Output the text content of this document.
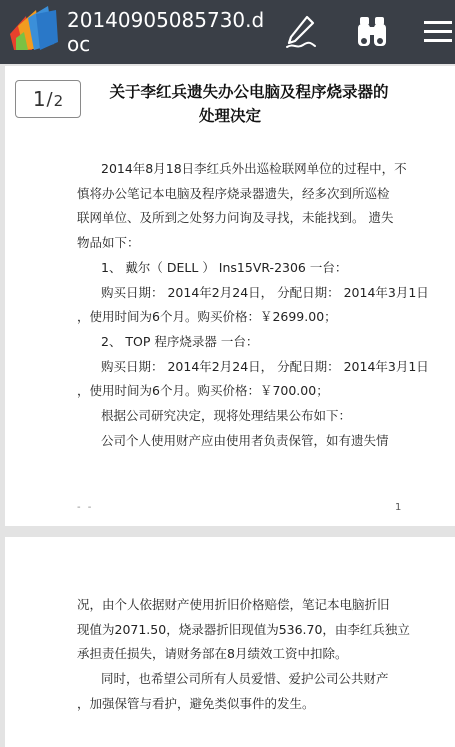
20140905085730.doc
1 / 2	关于李红兵遗失办公电脑及程序烧录器的
处理决定
2014年8月18日李红兵外出巡检联网单位的过程中，不
慎将办公笔记本电脑及程序烧录器遗失，经多次到所巡检
联网单位、及所到之处努力问询及寻找，未能找到。 遗失
物品如下：
1、 戴尔（ DELL ） Ins15VR-2306 一台：
购买日期： 2014年2月24日， 分配日期： 2014年3月1日
，使用时间为6个月。购买价格：￥2699.00；
2、 TOP 程序烧录器 一台：
购买日期： 2014年2月24日， 分配日期： 2014年3月1日
，使用时间为6个月。购买价格：￥700.00；
根据公司研究决定，现将处理结果公布如下：
公司个人使用财产应由使用者负责保管，如有遗失情
- -	1
况，由个人依据财产使用折旧价格赔偿，笔记本电脑折旧
现值为2071.50，烧录器折旧现值为536.70，由李红兵独立
承担责任损失，请财务部在8月绩效工资中扣除。
同时，也希望公司所有人员爱惜、爱护公司公共财产
，加强保管与看护，避免类似事件的发生。
